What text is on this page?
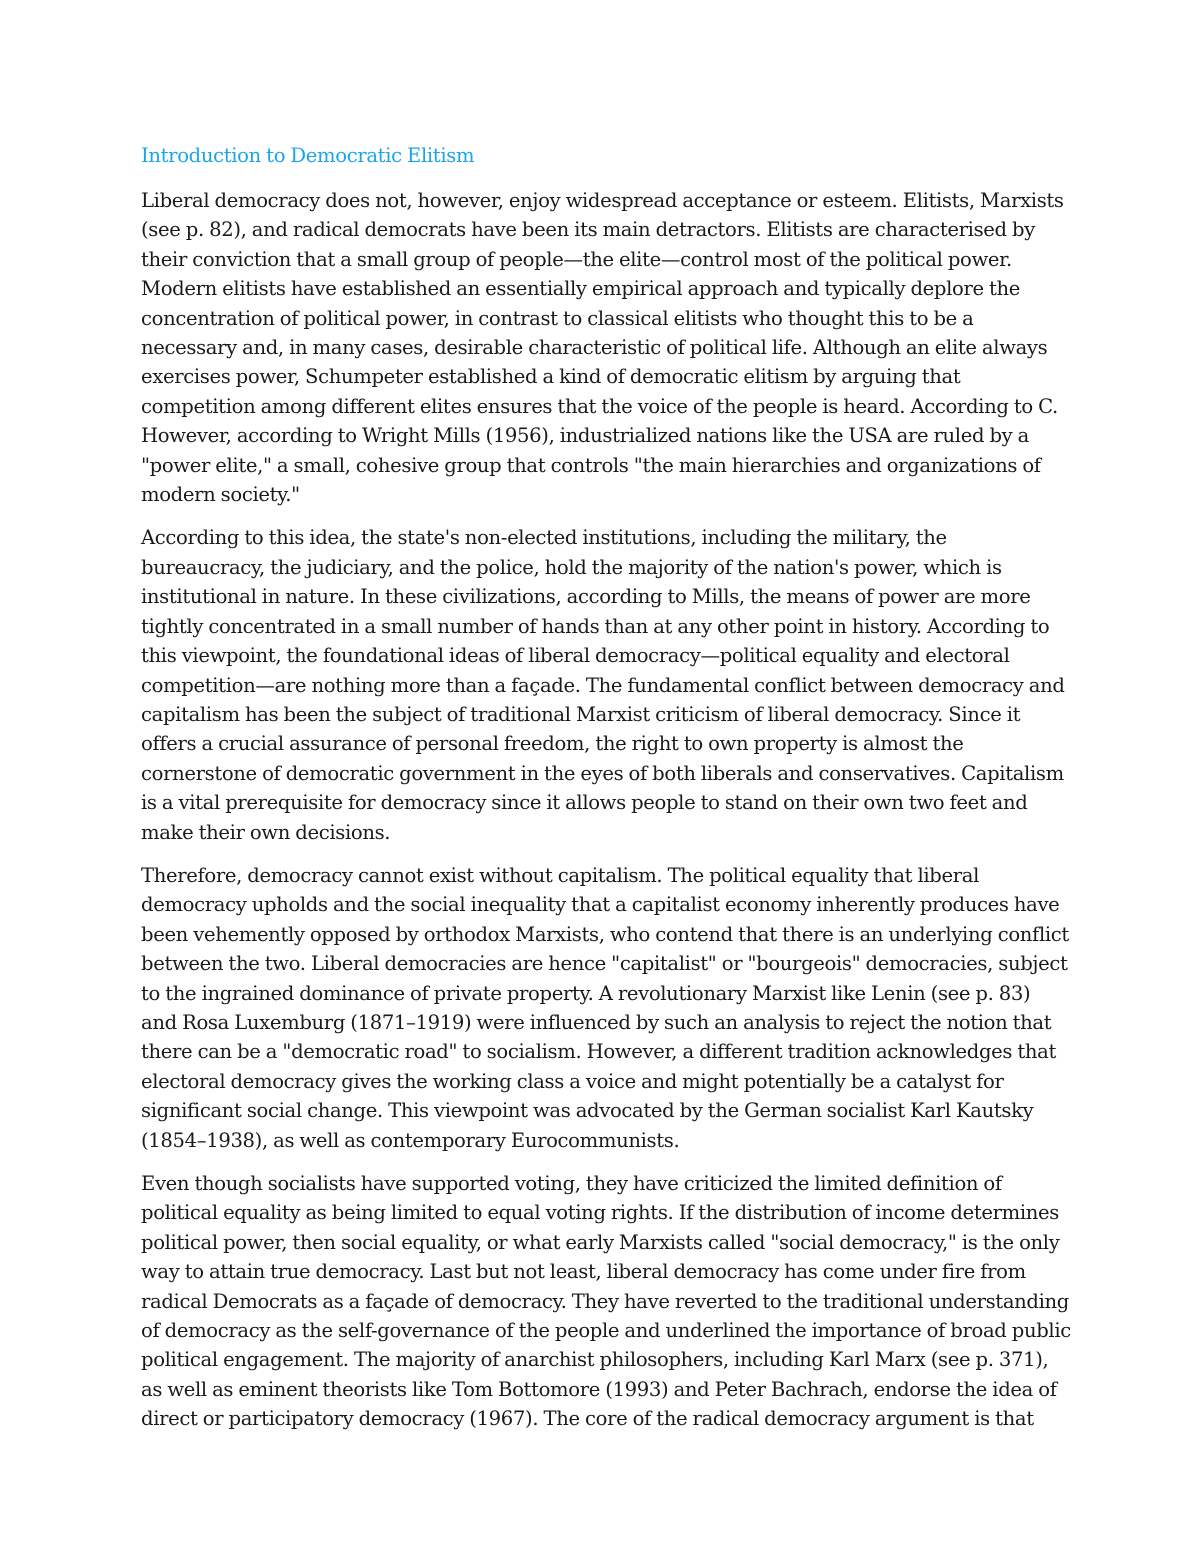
Introduction to Democratic Elitism

Liberal democracy does not, however, enjoy widespread acceptance or esteem. Elitists, Marxists (see p. 82), and radical democrats have been its main detractors. Elitists are characterised by their conviction that a small group of people—the elite—control most of the political power. Modern elitists have established an essentially empirical approach and typically deplore the concentration of political power, in contrast to classical elitists who thought this to be a necessary and, in many cases, desirable characteristic of political life. Although an elite always exercises power, Schumpeter established a kind of democratic elitism by arguing that competition among different elites ensures that the voice of the people is heard. According to C. However, according to Wright Mills (1956), industrialized nations like the USA are ruled by a "power elite," a small, cohesive group that controls "the main hierarchies and organizations of modern society."

According to this idea, the state's non-elected institutions, including the military, the bureaucracy, the judiciary, and the police, hold the majority of the nation's power, which is institutional in nature. In these civilizations, according to Mills, the means of power are more tightly concentrated in a small number of hands than at any other point in history. According to this viewpoint, the foundational ideas of liberal democracy—political equality and electoral competition—are nothing more than a façade. The fundamental conflict between democracy and capitalism has been the subject of traditional Marxist criticism of liberal democracy. Since it offers a crucial assurance of personal freedom, the right to own property is almost the cornerstone of democratic government in the eyes of both liberals and conservatives. Capitalism is a vital prerequisite for democracy since it allows people to stand on their own two feet and make their own decisions.

Therefore, democracy cannot exist without capitalism. The political equality that liberal democracy upholds and the social inequality that a capitalist economy inherently produces have been vehemently opposed by orthodox Marxists, who contend that there is an underlying conflict between the two. Liberal democracies are hence "capitalist" or "bourgeois" democracies, subject to the ingrained dominance of private property. A revolutionary Marxist like Lenin (see p. 83) and Rosa Luxemburg (1871–1919) were influenced by such an analysis to reject the notion that there can be a "democratic road" to socialism. However, a different tradition acknowledges that electoral democracy gives the working class a voice and might potentially be a catalyst for significant social change. This viewpoint was advocated by the German socialist Karl Kautsky (1854–1938), as well as contemporary Eurocommunists.

Even though socialists have supported voting, they have criticized the limited definition of political equality as being limited to equal voting rights. If the distribution of income determines political power, then social equality, or what early Marxists called "social democracy," is the only way to attain true democracy. Last but not least, liberal democracy has come under fire from radical Democrats as a façade of democracy. They have reverted to the traditional understanding of democracy as the self-governance of the people and underlined the importance of broad public political engagement. The majority of anarchist philosophers, including Karl Marx (see p. 371), as well as eminent theorists like Tom Bottomore (1993) and Peter Bachrach, endorse the idea of direct or participatory democracy (1967). The core of the radical democracy argument is that
